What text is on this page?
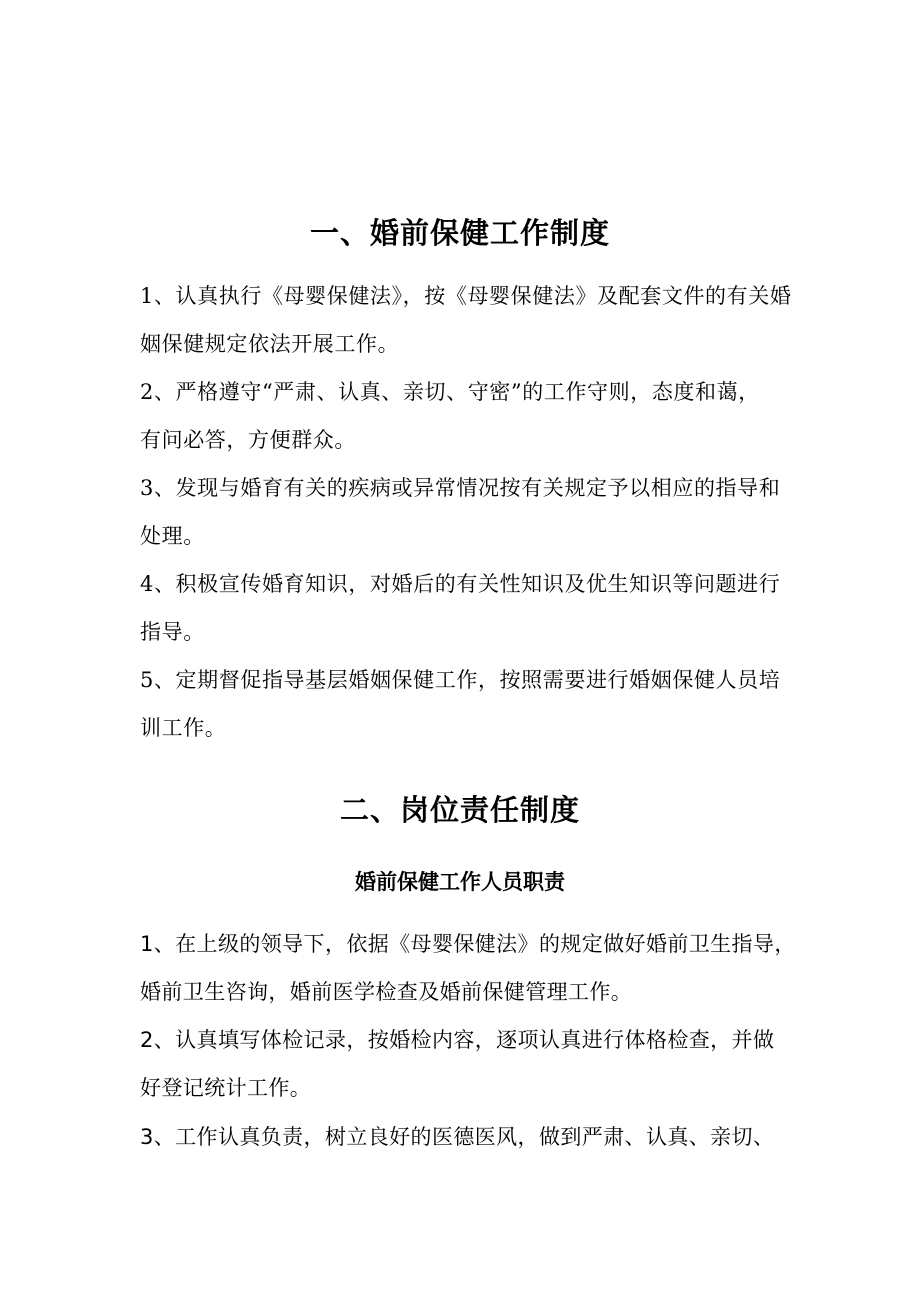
一、婚前保健工作制度
1、认真执行《母婴保健法》，按《母婴保健法》及配套文件的有关婚
姻保健规定依法开展工作。
2、严格遵守“严肃、认真、亲切、守密”的工作守则，态度和蔼，
有问必答，方便群众。
3、发现与婚育有关的疾病或异常情况按有关规定予以相应的指导和
处理。
4、积极宣传婚育知识，对婚后的有关性知识及优生知识等问题进行
指导。
5、定期督促指导基层婚姻保健工作，按照需要进行婚姻保健人员培
训工作。
二、岗位责任制度
婚前保健工作人员职责
1、在上级的领导下，依据《母婴保健法》的规定做好婚前卫生指导，
婚前卫生咨询，婚前医学检查及婚前保健管理工作。
2、认真填写体检记录，按婚检内容，逐项认真进行体格检查，并做
好登记统计工作。
3、工作认真负责，树立良好的医德医风，做到严肃、认真、亲切、
